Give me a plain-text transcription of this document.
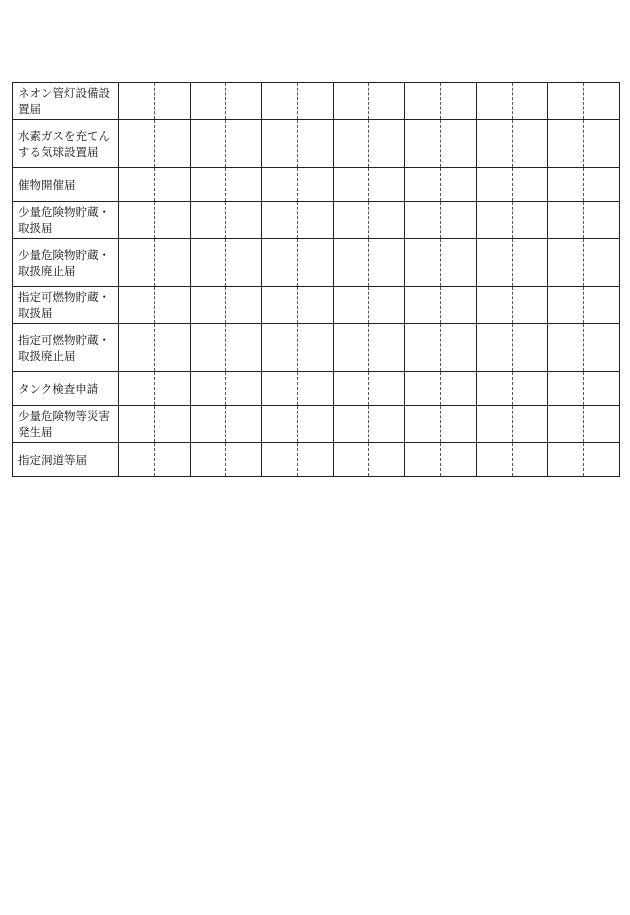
ネオン管灯設備設置届														
水素ガスを充てんする気球設置届														
催物開催届														
少量危険物貯蔵・取扱届														
少量危険物貯蔵・取扱廃止届														
指定可燃物貯蔵・取扱届														
指定可燃物貯蔵・取扱廃止届														
タンク検査申請														
少量危険物等災害発生届														
指定洞道等届														
